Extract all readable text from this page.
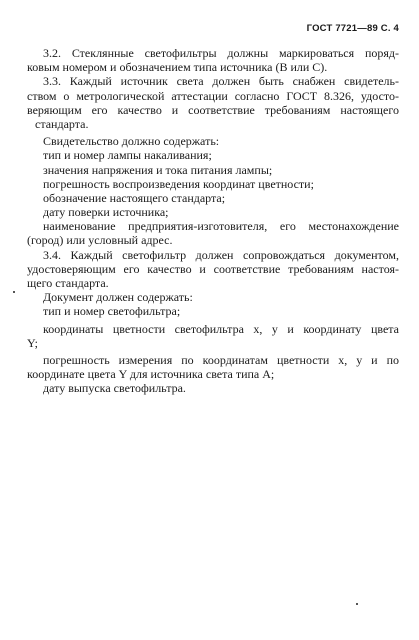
ГОСТ 7721—89 С. 4
3.2. Стеклянные светофильтры должны маркироваться поряд-
ковым номером и обозначением типа источника (В или С).
3.3. Каждый источник света должен быть снабжен свидетель-
ством о метрологической аттестации согласно ГОСТ 8.326, удосто-
веряющим его качество и соответствие требованиям настоящего
стандарта.
Свидетельство должно содержать:
тип и номер лампы накаливания;
значения напряжения и тока питания лампы;
погрешность воспроизведения координат цветности;
обозначение настоящего стандарта;
дату поверки источника;
наименование предприятия-изготовителя, его местонахождение
(город) или условный адрес.
3.4. Каждый светофильтр должен сопровождаться документом,
удостоверяющим его качество и соответствие требованиям настоя-
щего стандарта.
Документ должен содержать:
тип и номер светофильтра;
координаты цветности светофильтра x, y и координату цвета
Y;
погрешность измерения по координатам цветности x, y и по
координате цвета Y для источника света типа А;
дату выпуска светофильтра.
